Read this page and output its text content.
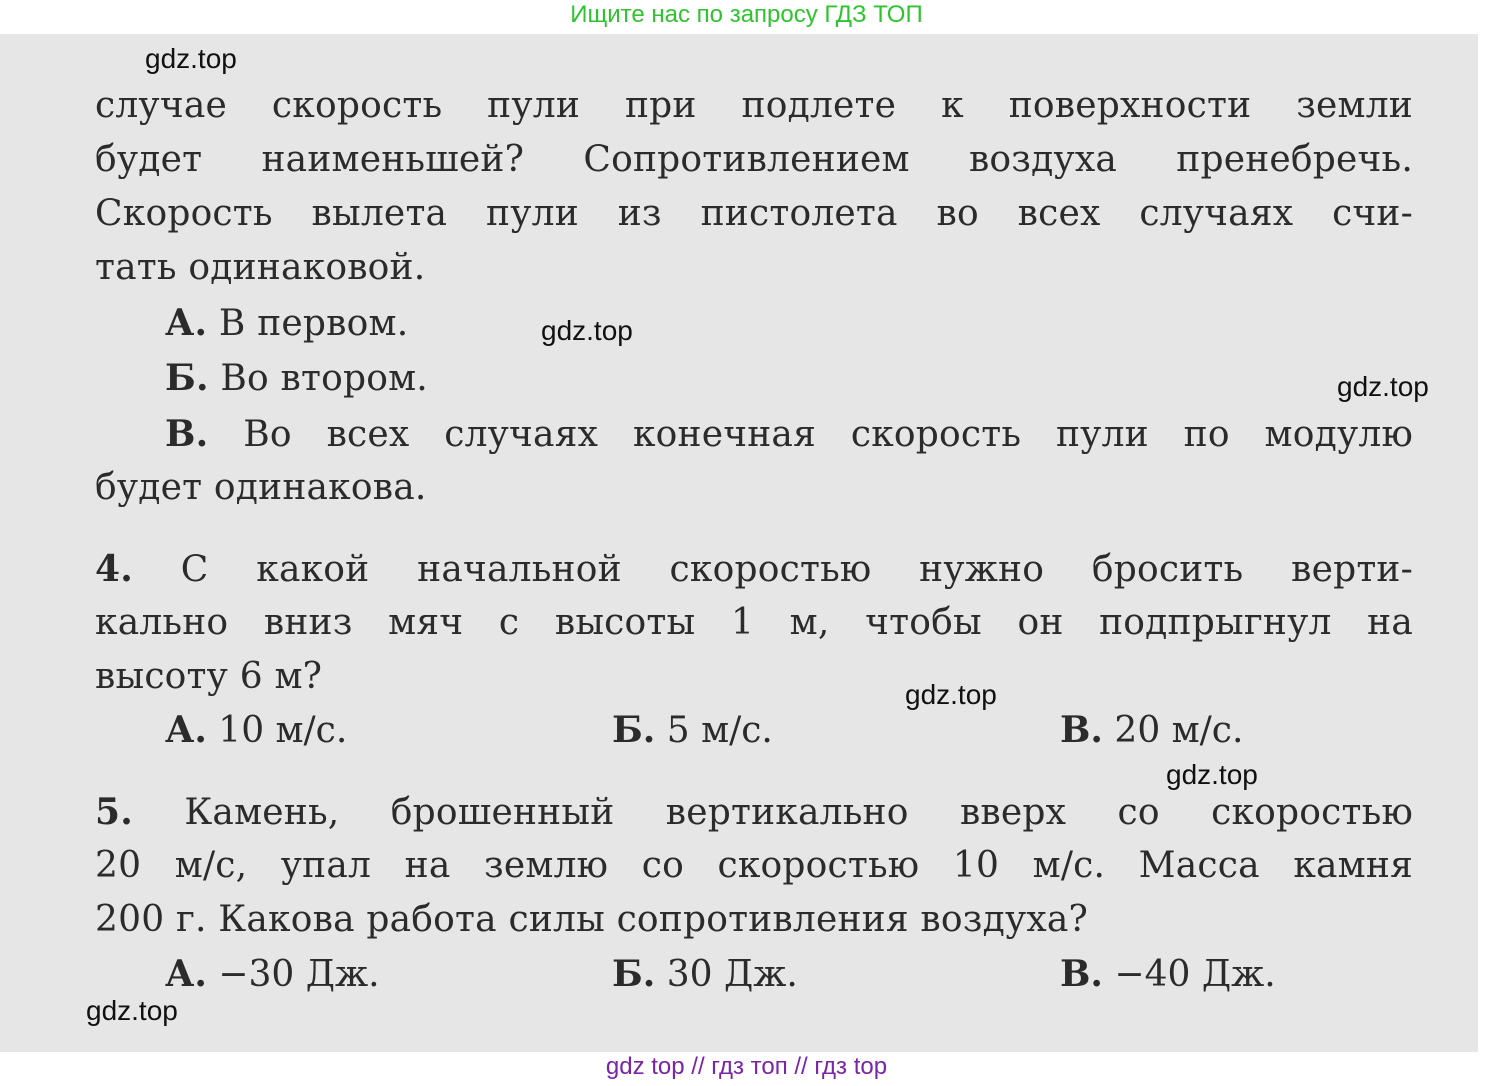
Ищите нас по запросу ГДЗ ТОП
случае скорость пули при подлете к поверхности земли
будет наименьшей? Сопротивлением воздуха пренебречь.
Скорость вылета пули из пистолета во всех случаях счи-
тать одинаковой.
А. В первом.
Б. Во втором.
В. Во всех случаях конечная скорость пули по модулю
будет одинакова.
4. С какой начальной скоростью нужно бросить верти-
кально вниз мяч с высоты 1 м, чтобы он подпрыгнул на
высоту 6 м?
А. 10 м/с.	Б. 5 м/с.	В. 20 м/с.
5. Камень, брошенный вертикально вверх со скоростью
20 м/с, упал на землю со скоростью 10 м/с. Масса камня
200 г. Какова работа силы сопротивления воздуха?
А. −30 Дж.	Б. 30 Дж.	В. −40 Дж.
gdz.top
gdz.top
gdz.top
gdz.top
gdz.top
gdz.top
gdz top // гдз топ // гдз top
